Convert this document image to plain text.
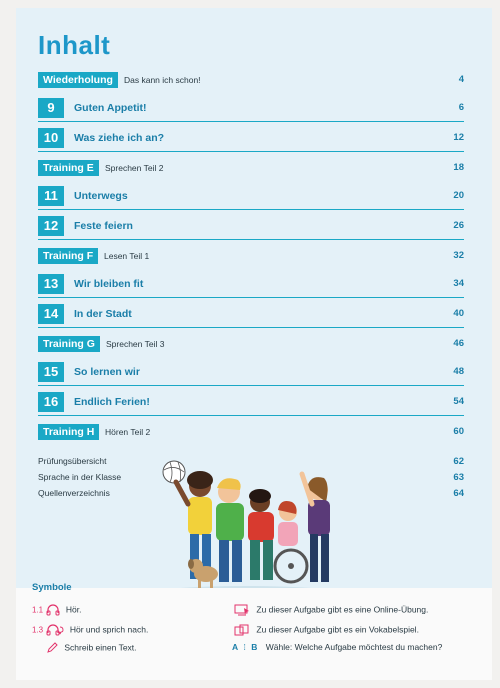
Inhalt
Wiederholung	Das kann ich schon!	4
9	Guten Appetit!	6
10	Was ziehe ich an?	12
Training E	Sprechen Teil 2	18
11	Unterwegs	20
12	Feste feiern	26
Training F	Lesen Teil 1	32
13	Wir bleiben fit	34
14	In der Stadt	40
Training G	Sprechen Teil 3	46
15	So lernen wir	48
16	Endlich Ferien!	54
Training H	Hören Teil 2	60
Prüfungsübersicht	62
Sprache in der Klasse	63
Quellenverzeichnis	64
Symbole
1.1	Hör.
1.3	Hör und sprich nach.
Schreib einen Text.
Zu dieser Aufgabe gibt es eine Online-Übung.
Zu dieser Aufgabe gibt es ein Vokabelspiel.
A ⁞ B Wähle: Welche Aufgabe möchtest du machen?
